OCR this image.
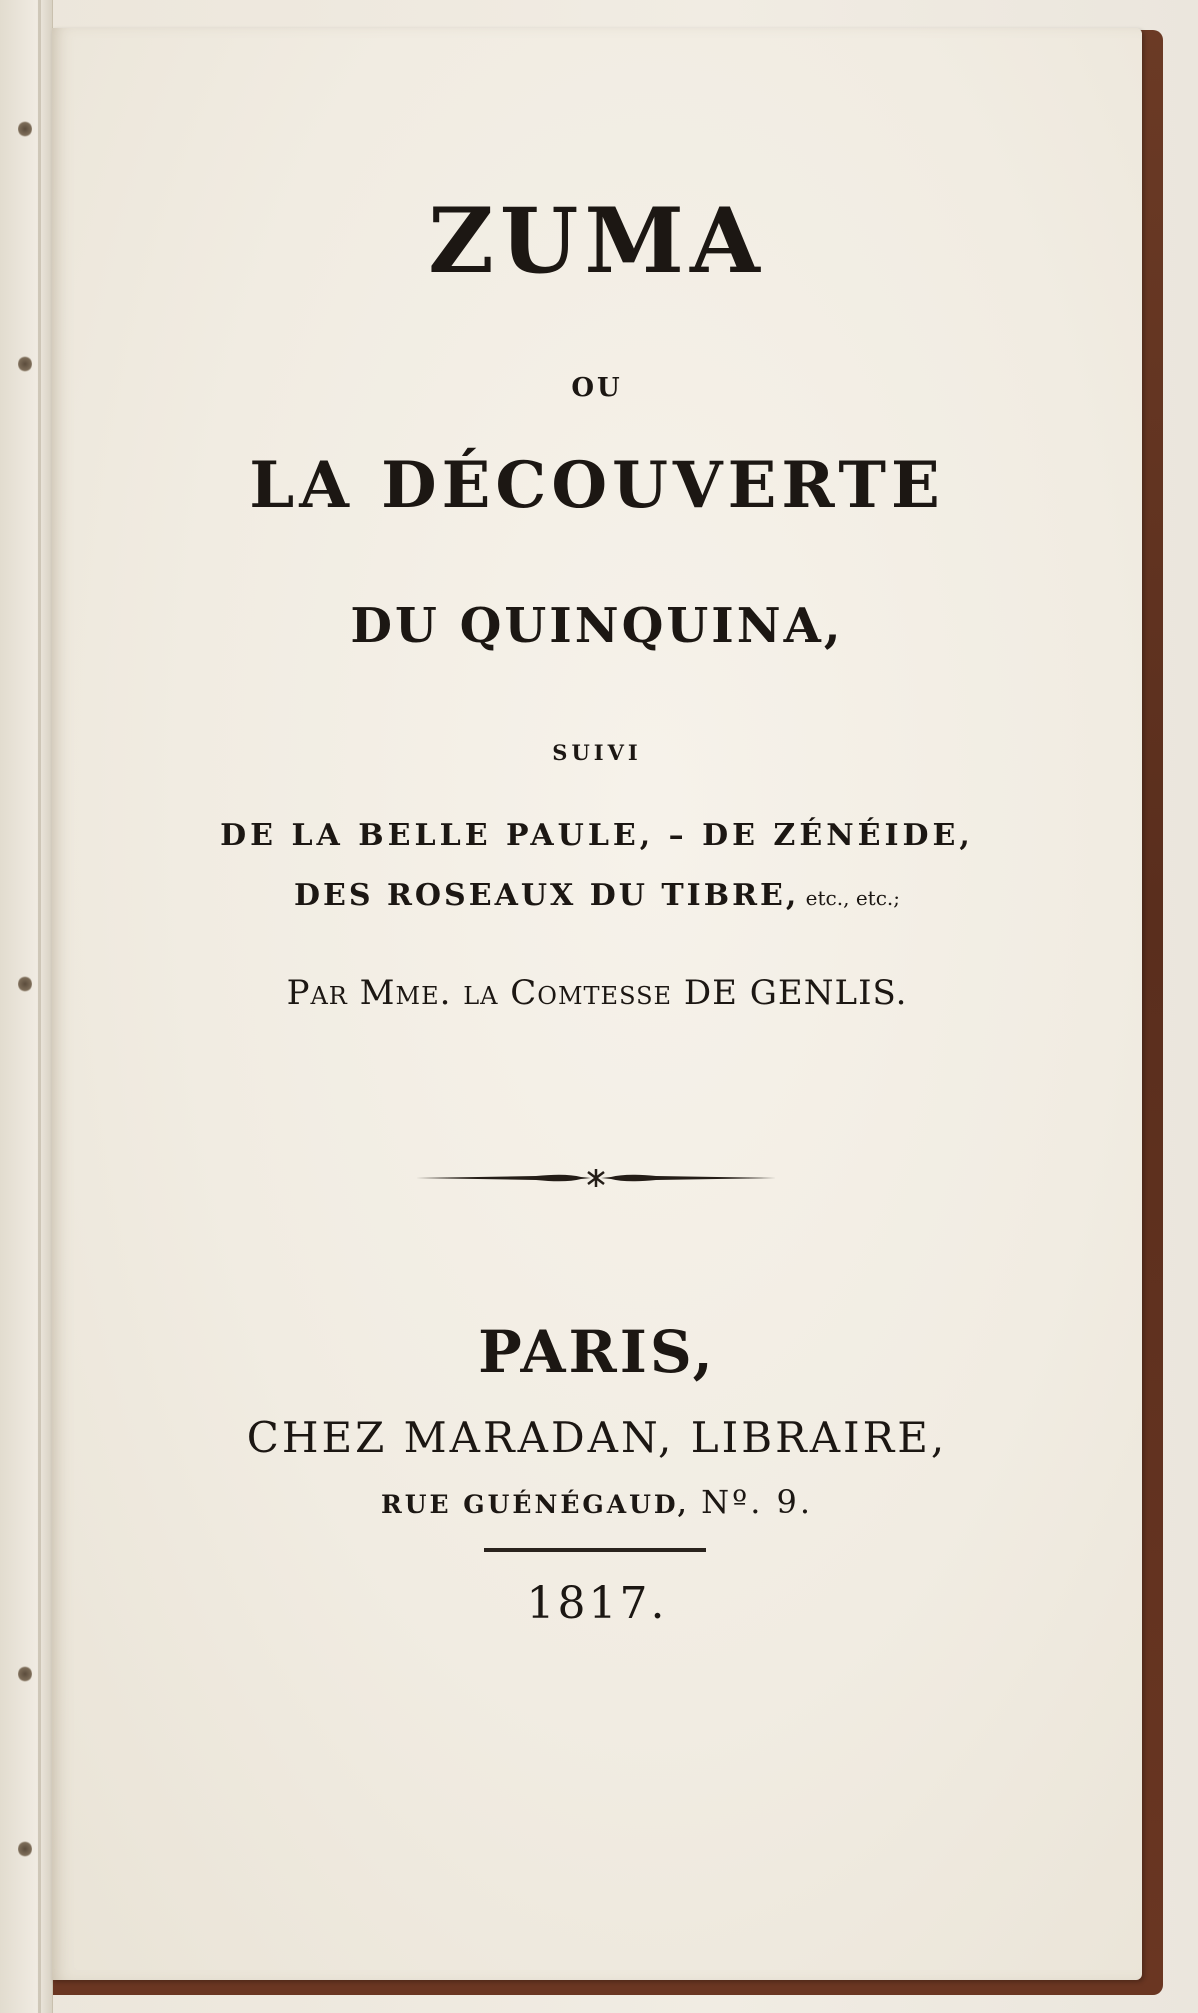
ZUMA
OU
LA DÉCOUVERTE
DU QUINQUINA,
SUIVI
DE LA BELLE PAULE, – DE ZÉNÉIDE,
DES ROSEAUX DU TIBRE, etc., etc.;
Par Mme. la Comtesse DE GENLIS.
PARIS,
CHEZ MARADAN, LIBRAIRE,
RUE GUÉNÉGAUD, Nº. 9.
1817.
